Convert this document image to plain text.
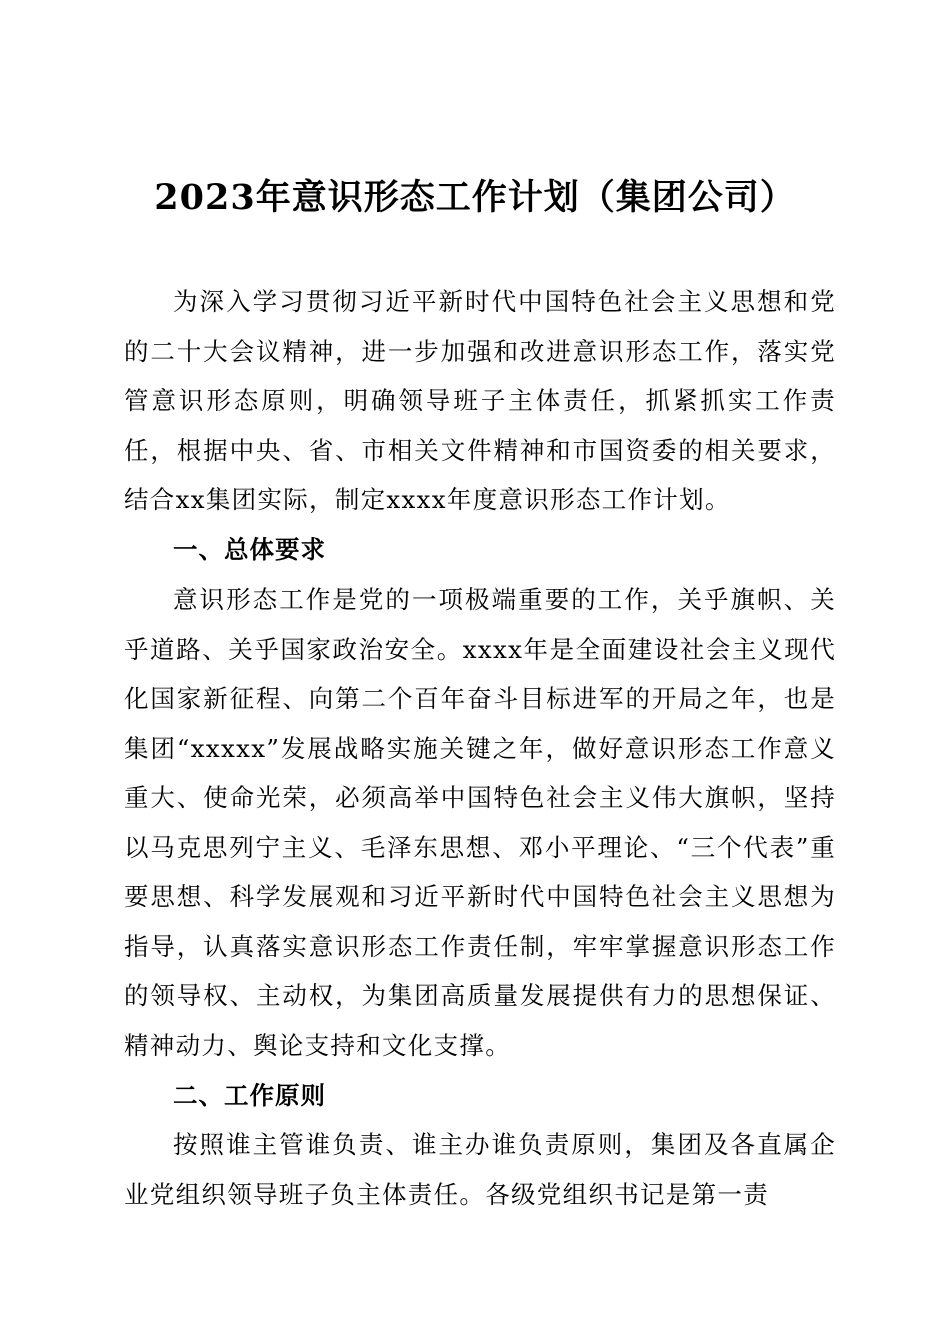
2023年意识形态工作计划（集团公司）
为深入学习贯彻习近平新时代中国特色社会主义思想和党的二十大会议精神，进一步加强和改进意识形态工作，落实党管意识形态原则，明确领导班子主体责任，抓紧抓实工作责任，根据中央、省、市相关文件精神和市国资委的相关要求，结合xx集团实际，制定xxxx年度意识形态工作计划。
一、总体要求
意识形态工作是党的一项极端重要的工作，关乎旗帜、关乎道路、关乎国家政治安全。xxxx年是全面建设社会主义现代化国家新征程、向第二个百年奋斗目标进军的开局之年，也是集团“xxxxx”发展战略实施关键之年，做好意识形态工作意义重大、使命光荣，必须高举中国特色社会主义伟大旗帜，坚持以马克思列宁主义、毛泽东思想、邓小平理论、“三个代表”重要思想、科学发展观和习近平新时代中国特色社会主义思想为指导，认真落实意识形态工作责任制，牢牢掌握意识形态工作的领导权、主动权，为集团高质量发展提供有力的思想保证、精神动力、舆论支持和文化支撑。
二、工作原则
按照谁主管谁负责、谁主办谁负责原则，集团及各直属企业党组织领导班子负主体责任。各级党组织书记是第一责
